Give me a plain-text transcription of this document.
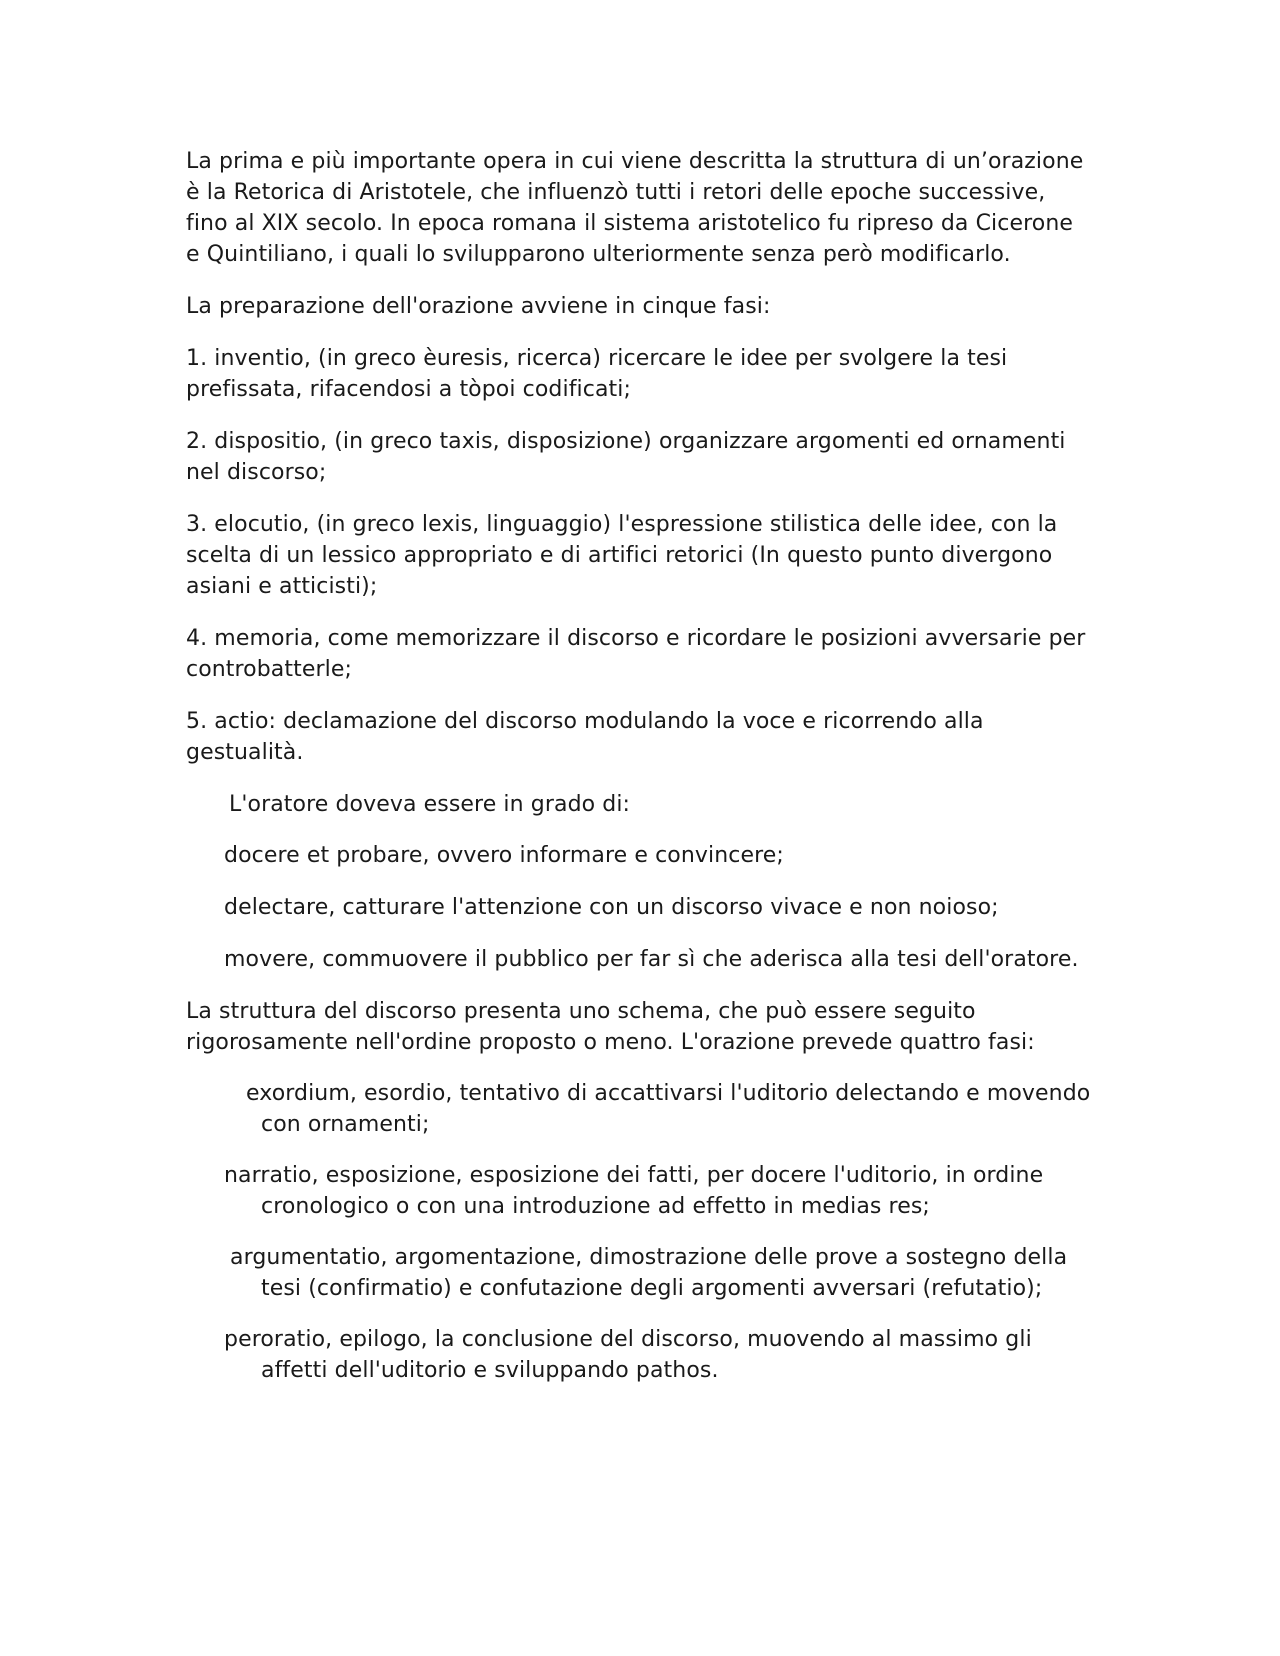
La prima e più importante opera in cui viene descritta la struttura di un’orazione è la Retorica di Aristotele, che influenzò tutti i retori delle epoche successive, fino al XIX secolo. In epoca romana il sistema aristotelico fu ripreso da Cicerone e Quintiliano, i quali lo svilupparono ulteriormente senza però modificarlo.

La preparazione dell'orazione avviene in cinque fasi:

1. inventio, (in greco èuresis, ricerca) ricercare le idee per svolgere la tesi prefissata, rifacendosi a tòpoi codificati;

2. dispositio, (in greco taxis, disposizione) organizzare argomenti ed ornamenti nel discorso;

3. elocutio, (in greco lexis, linguaggio) l'espressione stilistica delle idee, con la scelta di un lessico appropriato e di artifici retorici (In questo punto divergono asiani e atticisti);

4. memoria, come memorizzare il discorso e ricordare le posizioni avversarie per controbatterle;

5. actio: declamazione del discorso modulando la voce e ricorrendo alla gestualità.

L'oratore doveva essere in grado di:

docere et probare, ovvero informare e convincere;

delectare, catturare l'attenzione con un discorso vivace e non noioso;

movere, commuovere il pubblico per far sì che aderisca alla tesi dell'oratore.

La struttura del discorso presenta uno schema, che può essere seguito rigorosamente nell'ordine proposto o meno. L'orazione prevede quattro fasi:

exordium, esordio, tentativo di accattivarsi l'uditorio delectando e movendo con ornamenti;

narratio, esposizione, esposizione dei fatti, per docere l'uditorio, in ordine cronologico o con una introduzione ad effetto in medias res;

argumentatio, argomentazione, dimostrazione delle prove a sostegno della tesi (confirmatio) e confutazione degli argomenti avversari (refutatio);

peroratio, epilogo, la conclusione del discorso, muovendo al massimo gli affetti dell'uditorio e sviluppando pathos.
